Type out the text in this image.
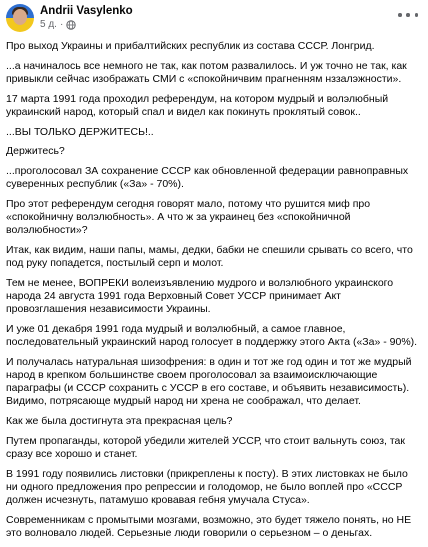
Andrii Vasylenko
5 д. ·

Про выход Украины и прибалтийских республик из состава СССР. Лонгрид.

...а начиналось все немного не так, как потом развалилось. И уж точно не так, как привыкли сейчас изображать СМИ с «спокойничвим прагненням нззалэжности».

17 марта 1991 года проходил референдум, на котором мудрый и волэлюбный украинский народ, который спал и видел как покинуть проклятый совок..

...ВЫ ТОЛЬКО ДЕРЖИТЕСЬ!..

Держитесь?

...проголосовал ЗА сохранение СССР как обновленной федерации равноправных суверенных республик («За» - 70%).

Про этот референдум сегодня говорят мало, потому что рушится миф про «спокойничну волэлюбность». А что ж за украинец без «спокойничной волэлюбности»?

Итак, как видим, наши папы, мамы, дедки, бабки не спешили срывать со всего, что под руку попадется, постылый серп и молот.

Тем не менее, ВОПРЕКИ волеизъявлению мудрого и волэлюбного украинского народа 24 августа 1991 года Верховный Совет УССР принимает Акт провозглашения независимости Украины.

И уже 01 декабря 1991 года мудрый и волэлюбный, а самое главное, последовательный украинский народ голосует в поддержку этого Акта («За» - 90%).

И получалась натуральная шизофрения: в один и тот же год один и тот же мудрый народ в крепком большинстве своем проголосовал за взаимоисключающие параграфы (и СССР сохранить с УССР в его составе, и объявить независимость).
Видимо, потрясающе мудрый народ ни хрена не соображал, что делает.

Как же была достигнута эта прекрасная цель?

Путем пропаганды, которой убедили жителей УССР, что стоит вальнуть союз, так сразу все хорошо и станет.

В 1991 году появились листовки (прикреплены к посту). В этих листовках не было ни одного предложения про репрессии и голодомор, не было воплей про «СССР должен исчезнуть, патамушо кровавая гебня умучала Стуса».

Современникам с промытыми мозгами, возможно, это будет тяжело понять, но НЕ это волновало людей. Серьезные люди говорили о серьезном – о деньгах.
